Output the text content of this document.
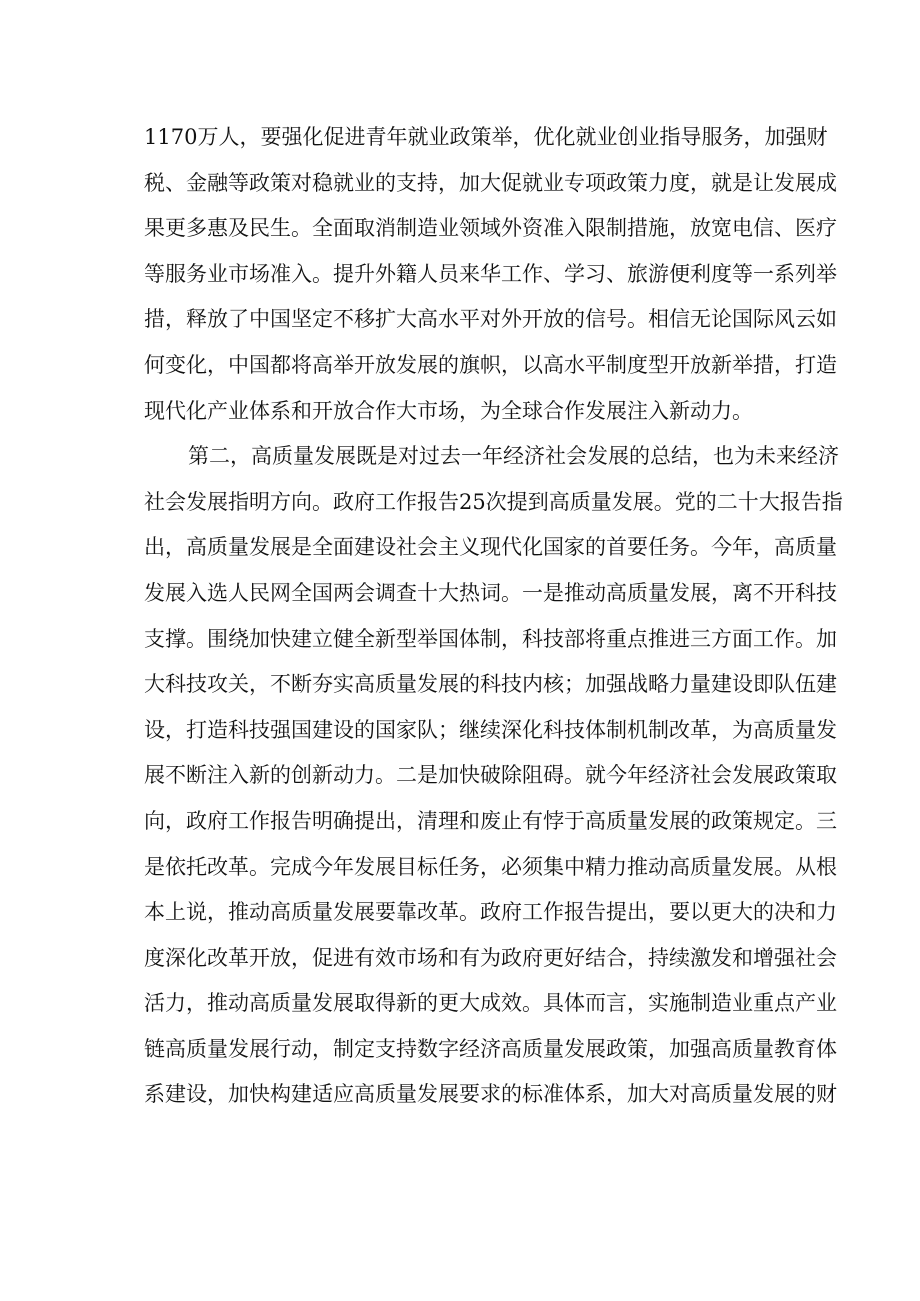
1170万人，要强化促进青年就业政策举，优化就业创业指导服务，加强财
税、金融等政策对稳就业的支持，加大促就业专项政策力度，就是让发展成
果更多惠及民生。全面取消制造业领域外资准入限制措施，放宽电信、医疗
等服务业市场准入。提升外籍人员来华工作、学习、旅游便利度等一系列举
措，释放了中国坚定不移扩大高水平对外开放的信号。相信无论国际风云如
何变化，中国都将高举开放发展的旗帜，以高水平制度型开放新举措，打造
现代化产业体系和开放合作大市场，为全球合作发展注入新动力。
第二，高质量发展既是对过去一年经济社会发展的总结，也为未来经济
社会发展指明方向。政府工作报告25次提到高质量发展。党的二十大报告指
出，高质量发展是全面建设社会主义现代化国家的首要任务。今年，高质量
发展入选人民网全国两会调查十大热词。一是推动高质量发展，离不开科技
支撑。围绕加快建立健全新型举国体制，科技部将重点推进三方面工作。加
大科技攻关，不断夯实高质量发展的科技内核；加强战略力量建设即队伍建
设，打造科技强国建设的国家队；继续深化科技体制机制改革，为高质量发
展不断注入新的创新动力。二是加快破除阻碍。就今年经济社会发展政策取
向，政府工作报告明确提出，清理和废止有悖于高质量发展的政策规定。三
是依托改革。完成今年发展目标任务，必须集中精力推动高质量发展。从根
本上说，推动高质量发展要靠改革。政府工作报告提出，要以更大的决和力
度深化改革开放，促进有效市场和有为政府更好结合，持续激发和增强社会
活力，推动高质量发展取得新的更大成效。具体而言，实施制造业重点产业
链高质量发展行动，制定支持数字经济高质量发展政策，加强高质量教育体
系建设，加快构建适应高质量发展要求的标准体系，加大对高质量发展的财
